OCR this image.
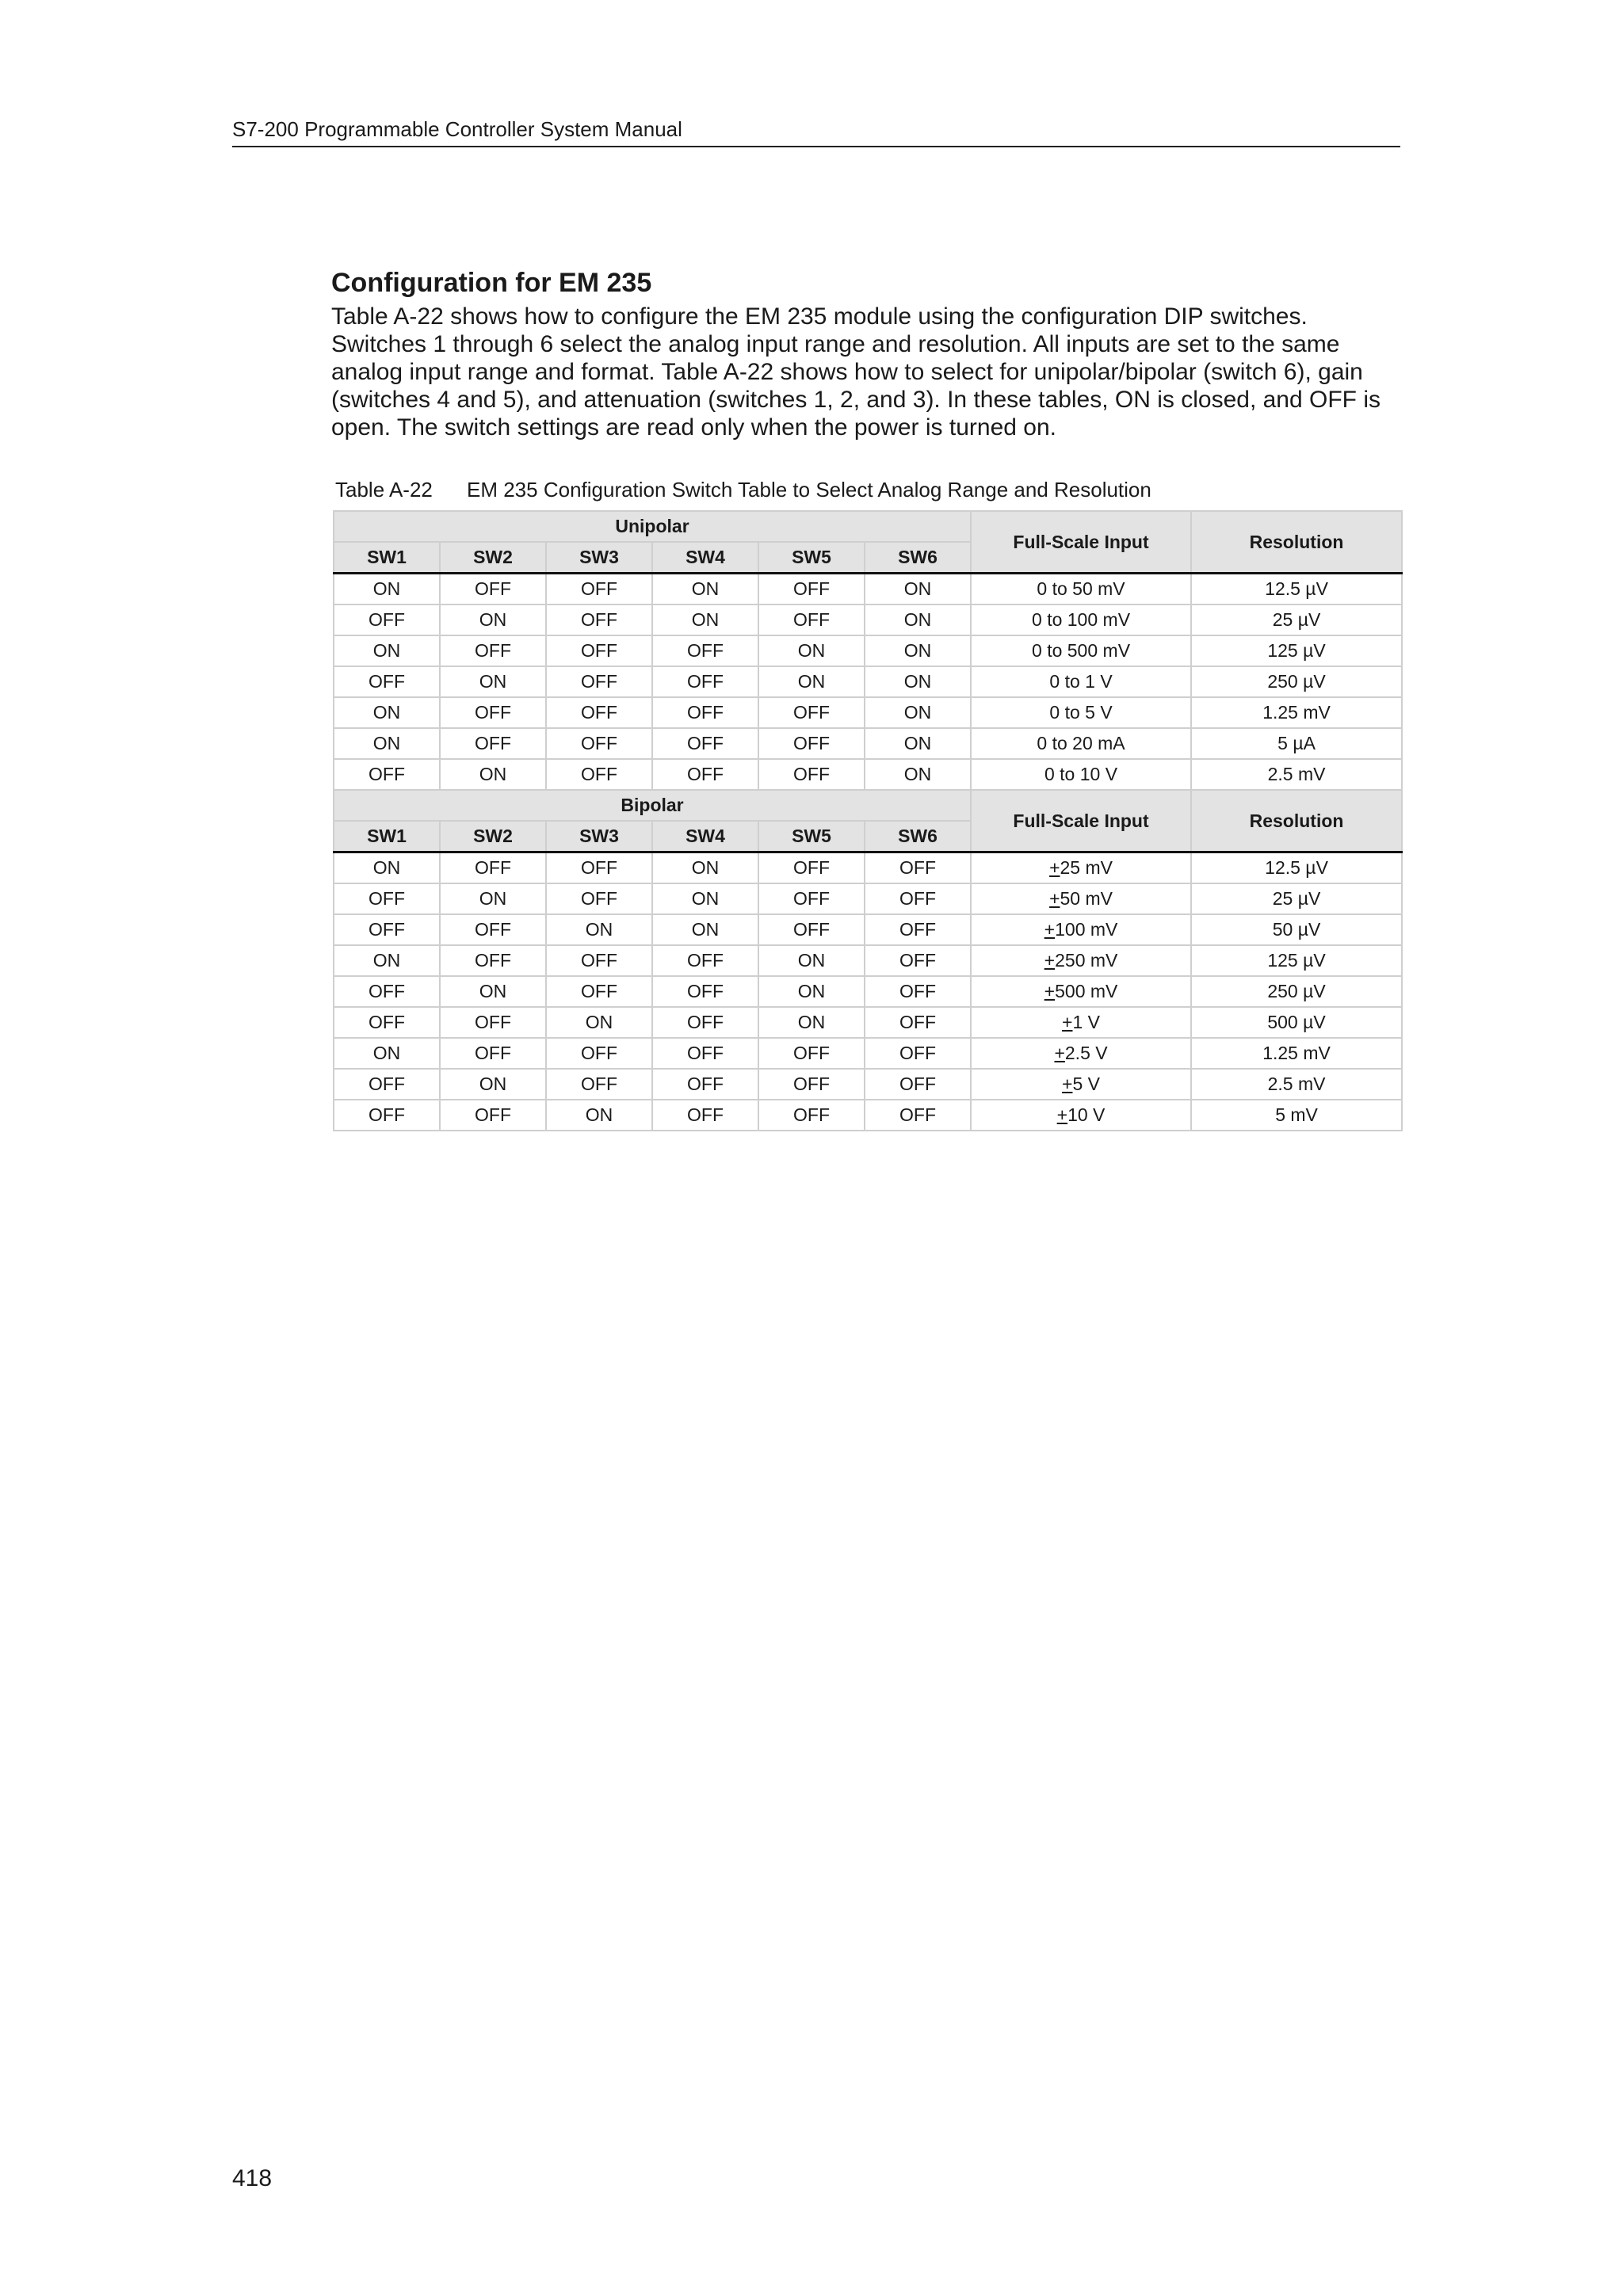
S7-200 Programmable Controller System Manual
Configuration for EM 235

Table A-22 shows how to configure the EM 235 module using the configuration DIP switches. Switches 1 through 6 select the analog input range and resolution. All inputs are set to the same analog input range and format. Table A-22 shows how to select for unipolar/bipolar (switch 6), gain (switches 4 and 5), and attenuation (switches 1, 2, and 3). In these tables, ON is closed, and OFF is open. The switch settings are read only when the power is turned on.

Table A-22 EM 235 Configuration Switch Table to Select Analog Range and Resolution
Unipolar						Full-Scale Input	Resolution
SW1	SW2	SW3	SW4	SW5	SW6		
ON	OFF	OFF	ON	OFF	ON	0 to 50 mV	12.5 µV
OFF	ON	OFF	ON	OFF	ON	0 to 100 mV	25 µV
ON	OFF	OFF	OFF	ON	ON	0 to 500 mV	125 µV
OFF	ON	OFF	OFF	ON	ON	0 to 1 V	250 µV
ON	OFF	OFF	OFF	OFF	ON	0 to 5 V	1.25 mV
ON	OFF	OFF	OFF	OFF	ON	0 to 20 mA	5 µA
OFF	ON	OFF	OFF	OFF	ON	0 to 10 V	2.5 mV
Bipolar						Full-Scale Input	Resolution
SW1	SW2	SW3	SW4	SW5	SW6		
ON	OFF	OFF	ON	OFF	OFF	+25 mV	12.5 µV
OFF	ON	OFF	ON	OFF	OFF	+50 mV	25 µV
OFF	OFF	ON	ON	OFF	OFF	+100 mV	50 µV
ON	OFF	OFF	OFF	ON	OFF	+250 mV	125 µV
OFF	ON	OFF	OFF	ON	OFF	+500 mV	250 µV
OFF	OFF	ON	OFF	ON	OFF	+1 V	500 µV
ON	OFF	OFF	OFF	OFF	OFF	+2.5 V	1.25 mV
OFF	ON	OFF	OFF	OFF	OFF	+5 V	2.5 mV
OFF	OFF	ON	OFF	OFF	OFF	+10 V	5 mV
418
